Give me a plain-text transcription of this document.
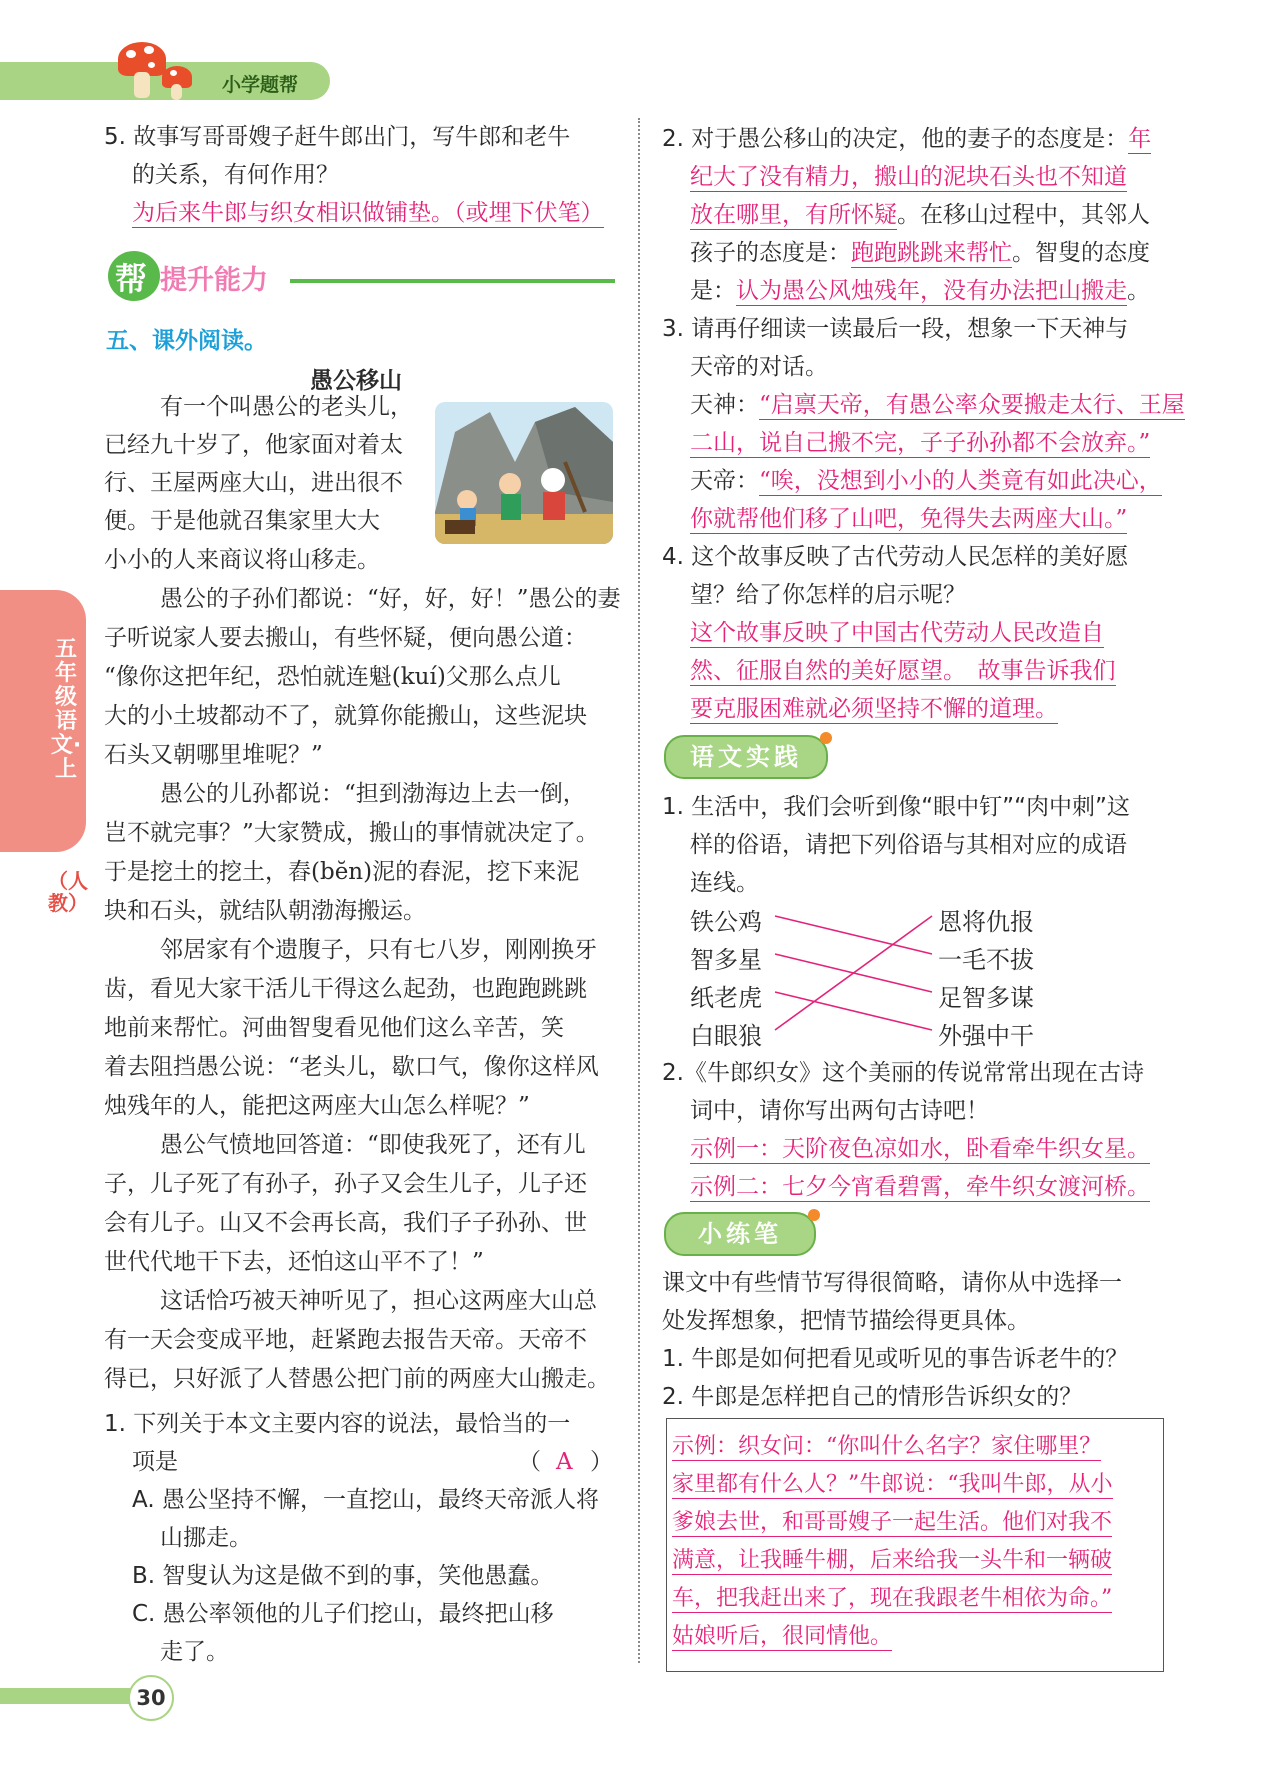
小学题帮
五年级语文·上
（人教）
5. 故事写哥哥嫂子赶牛郎出门，写牛郎和老牛
的关系，有何作用？
为后来牛郎与织女相识做铺垫。（或埋下伏笔）
帮 提升能力
五、课外阅读。
愚公移山
有一个叫愚公的老头儿，
已经九十岁了，他家面对着太
行、王屋两座大山，进出很不
便。于是他就召集家里大大
小小的人来商议将山移走。
愚公的子孙们都说：“好，好，好！”愚公的妻
子听说家人要去搬山，有些怀疑，便向愚公道：
“像你这把年纪，恐怕就连魁(kuí)父那么点儿
大的小土坡都动不了，就算你能搬山，这些泥块
石头又朝哪里堆呢？”
愚公的儿孙都说：“担到渤海边上去一倒，
岂不就完事？”大家赞成，搬山的事情就决定了。
于是挖土的挖土，舂(bĕn)泥的舂泥，挖下来泥
块和石头，就结队朝渤海搬运。
邻居家有个遗腹子，只有七八岁，刚刚换牙
齿，看见大家干活儿干得这么起劲，也跑跑跳跳
地前来帮忙。河曲智叟看见他们这么辛苦，笑
着去阻挡愚公说：“老头儿，歇口气，像你这样风
烛残年的人，能把这两座大山怎么样呢？”
愚公气愤地回答道：“即使我死了，还有儿
子，儿子死了有孙子，孙子又会生儿子，儿子还
会有儿子。山又不会再长高，我们子子孙孙、世
世代代地干下去，还怕这山平不了！”
这话恰巧被天神听见了，担心这两座大山总
有一天会变成平地，赶紧跑去报告天帝。天帝不
得已，只好派了人替愚公把门前的两座大山搬走。
1. 下列关于本文主要内容的说法，最恰当的一
项是	（ A ）
A. 愚公坚持不懈，一直挖山，最终天帝派人将
山挪走。
B. 智叟认为这是做不到的事，笑他愚蠢。
C. 愚公率领他的儿子们挖山，最终把山移
走了。
2. 对于愚公移山的决定，他的妻子的态度是：年
纪大了没有精力，搬山的泥块石头也不知道
放在哪里，有所怀疑。在移山过程中，其邻人
孩子的态度是：跑跑跳跳来帮忙。智叟的态度
是：认为愚公风烛残年，没有办法把山搬走。
3. 请再仔细读一读最后一段，想象一下天神与
天帝的对话。
天神：“启禀天帝，有愚公率众要搬走太行、王屋
二山，说自己搬不完，子子孙孙都不会放弃。”
天帝：“唉，没想到小小的人类竟有如此决心，
你就帮他们移了山吧，免得失去两座大山。”
4. 这个故事反映了古代劳动人民怎样的美好愿
望？给了你怎样的启示呢？
这个故事反映了中国古代劳动人民改造自
然、征服自然的美好愿望。　故事告诉我们
要克服困难就必须坚持不懈的道理。
语文实践
1. 生活中，我们会听到像“眼中钉”“肉中刺”这
样的俗语，请把下列俗语与其相对应的成语
连线。
铁公鸡
智多星
纸老虎
白眼狼
恩将仇报
一毛不拔
足智多谋
外强中干
2.《牛郎织女》这个美丽的传说常常出现在古诗
词中，请你写出两句古诗吧！
示例一：天阶夜色凉如水，卧看牵牛织女星。
示例二：七夕今宵看碧霄，牵牛织女渡河桥。
小练笔
课文中有些情节写得很简略，请你从中选择一
处发挥想象，把情节描绘得更具体。
1. 牛郎是如何把看见或听见的事告诉老牛的？
2. 牛郎是怎样把自己的情形告诉织女的？
示例：织女问：“你叫什么名字？家住哪里？
家里都有什么人？”牛郎说：“我叫牛郎，从小
爹娘去世，和哥哥嫂子一起生活。他们对我不
满意，让我睡牛棚，后来给我一头牛和一辆破
车，把我赶出来了，现在我跟老牛相依为命。”
姑娘听后，很同情他。
30
